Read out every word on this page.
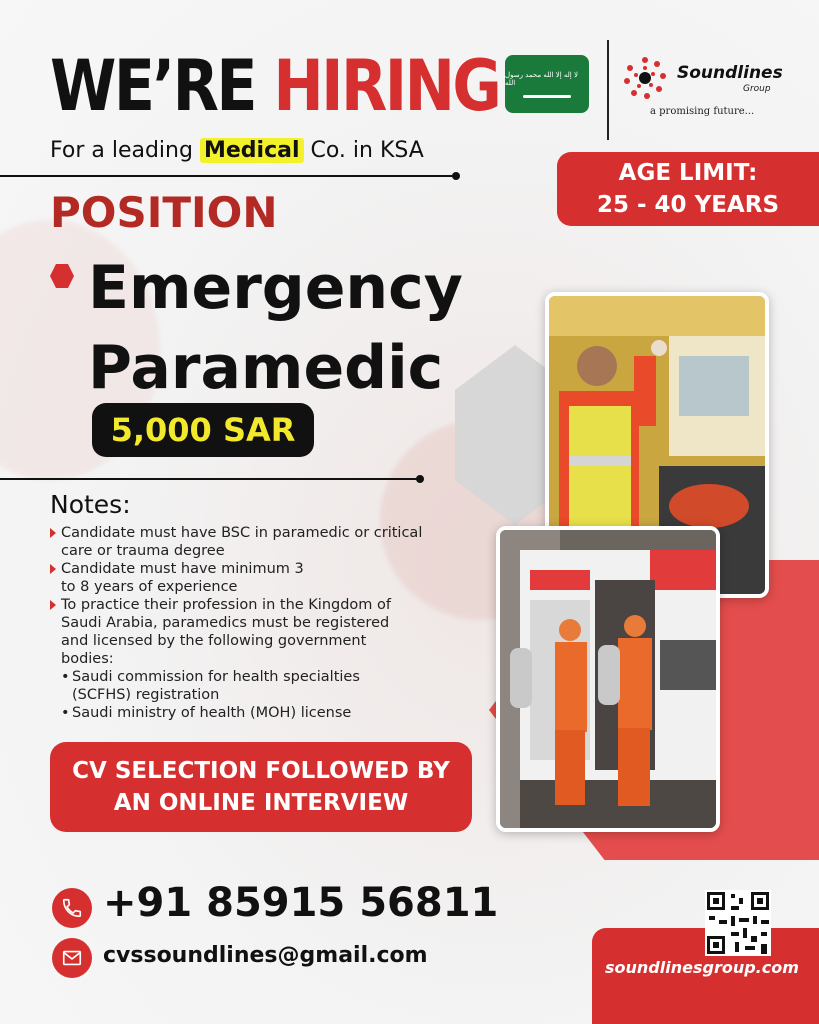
WE’RE HIRING
For a leading Medical Co. in KSA
لا إله إلا الله محمد رسول الله	Soundlines
Group
a promising future...
AGE LIMIT:
25 - 40 YEARS
POSITION
Emergency
Paramedic
5,000 SAR
Notes:
Candidate must have BSC in paramedic or critical care or trauma degree
Candidate must have minimum 3 to 8 years of experience
To practice their profession in the Kingdom of Saudi Arabia, paramedics must be registered and licensed by the following government bodies:
• Saudi commission for health specialties (SCFHS) registration
• Saudi ministry of health (MOH) license
CV SELECTION FOLLOWED BY
AN ONLINE INTERVIEW
+91 85915 56811
cvssoundlines@gmail.com	soundlinesgroup.com
